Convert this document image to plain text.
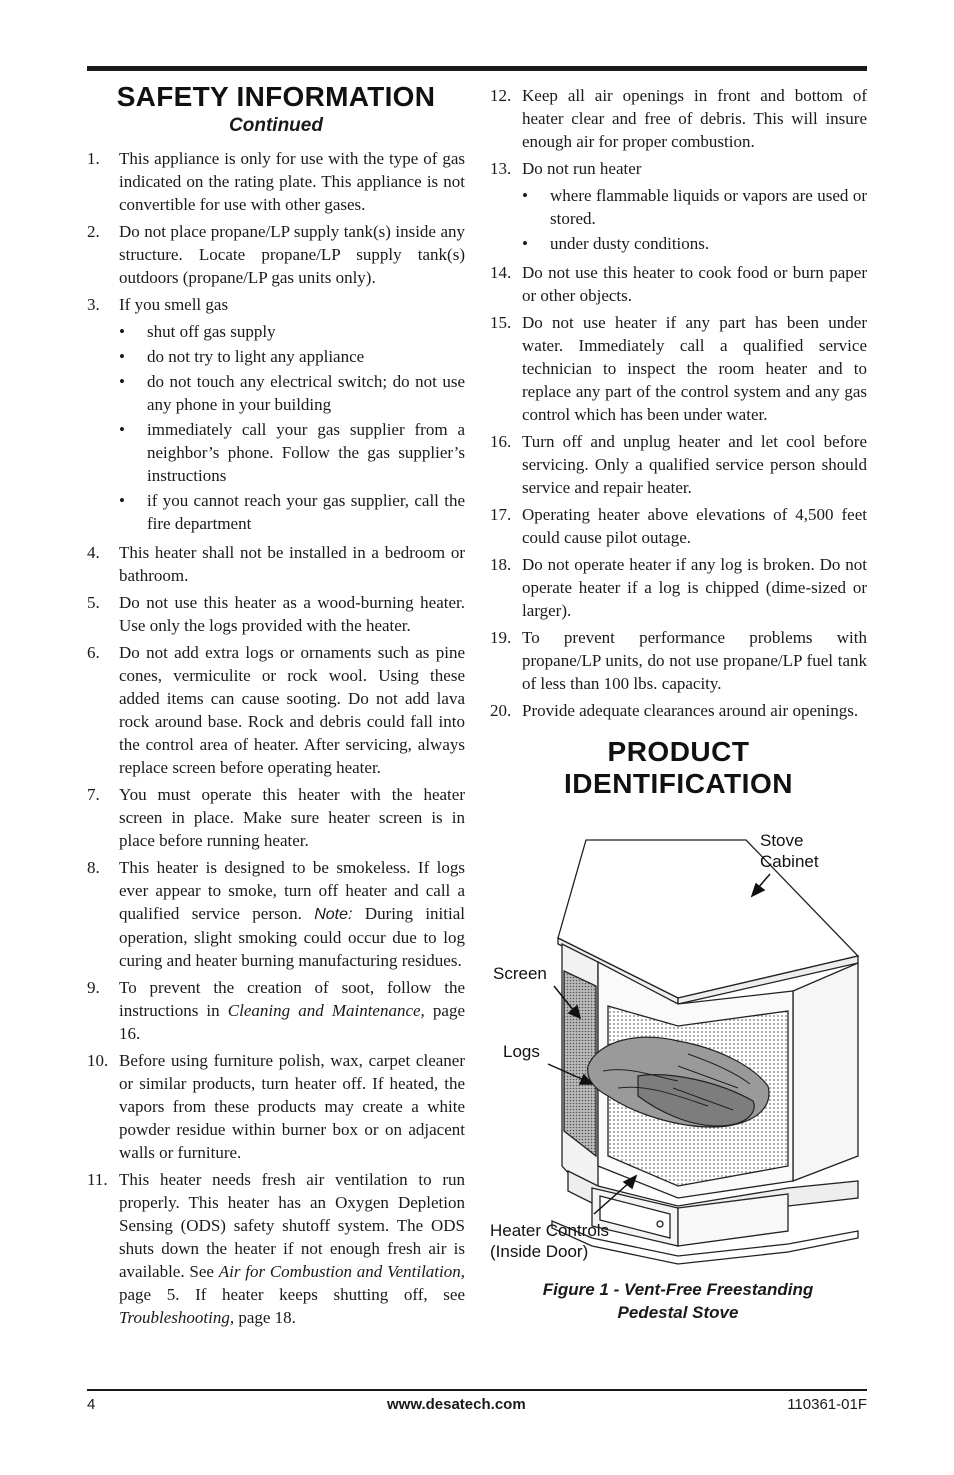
SAFETY INFORMATION
Continued
1.	This appliance is only for use with the type of gas indicated on the rating plate. This appliance is not convertible for use with other gases.
2.	Do not place propane/LP supply tank(s) inside any structure. Locate propane/LP supply tank(s) outdoors (propane/LP gas units only).
3.	If you smell gas
•	shut off gas supply
•	do not try to light any appliance
•	do not touch any electrical switch; do not use any phone in your building
•	immediately call your gas supplier from a neighbor’s phone. Follow the gas supplier’s instructions
•	if you cannot reach your gas supplier, call the fire department
4.	This heater shall not be installed in a bedroom or bathroom.
5.	Do not use this heater as a wood-burning heater. Use only the logs provided with the heater.
6.	Do not add extra logs or ornaments such as pine cones, vermiculite or rock wool. Using these added items can cause sooting. Do not add lava rock around base. Rock and debris could fall into the control area of heater. After servicing, always replace screen before operating heater.
7.	You must operate this heater with the heater screen in place. Make sure heater screen is in place before running heater.
8.	This heater is designed to be smokeless. If logs ever appear to smoke, turn off heater and call a qualified service person. Note: During initial operation, slight smoking could occur due to log curing and heater burning manufacturing residues.
9.	To prevent the creation of soot, follow the instructions in Cleaning and Maintenance, page 16.
10. Before using furniture polish, wax, carpet cleaner or similar products, turn heater off. If heated, the vapors from these products may create a white powder residue within burner box or on adjacent walls or furniture.
11. This heater needs fresh air ventilation to run properly. This heater has an Oxygen Depletion Sensing (ODS) safety shutoff system. The ODS shuts down the heater if not enough fresh air is available. See Air for Combustion and Ventilation, page 5. If heater keeps shutting off, see Troubleshooting, page 18.
12. Keep all air openings in front and bottom of heater clear and free of debris. This will insure enough air for proper combustion.
13. Do not run heater
•	where flammable liquids or vapors are used or stored.
•	under dusty conditions.
14. Do not use this heater to cook food or burn paper or other objects.
15. Do not use heater if any part has been under water. Immediately call a qualified service technician to inspect the room heater and to replace any part of the control system and any gas control which has been under water.
16. Turn off and unplug heater and let cool before servicing. Only a qualified service person should service and repair heater.
17. Operating heater above elevations of 4,500 feet could cause pilot outage.
18. Do not operate heater if any log is broken. Do not operate heater if a log is chipped (dime-sized or larger).
19. To prevent performance problems with propane/LP units, do not use propane/LP fuel tank of less than 100 lbs. capacity.
20. Provide adequate clearances around air openings.
PRODUCT
IDENTIFICATION
Stove
Cabinet
Screen
Logs
Heater Controls
(Inside Door)
Figure 1 - Vent-Free Freestanding
Pedestal Stove
4	www.desatech.com	110361-01F
